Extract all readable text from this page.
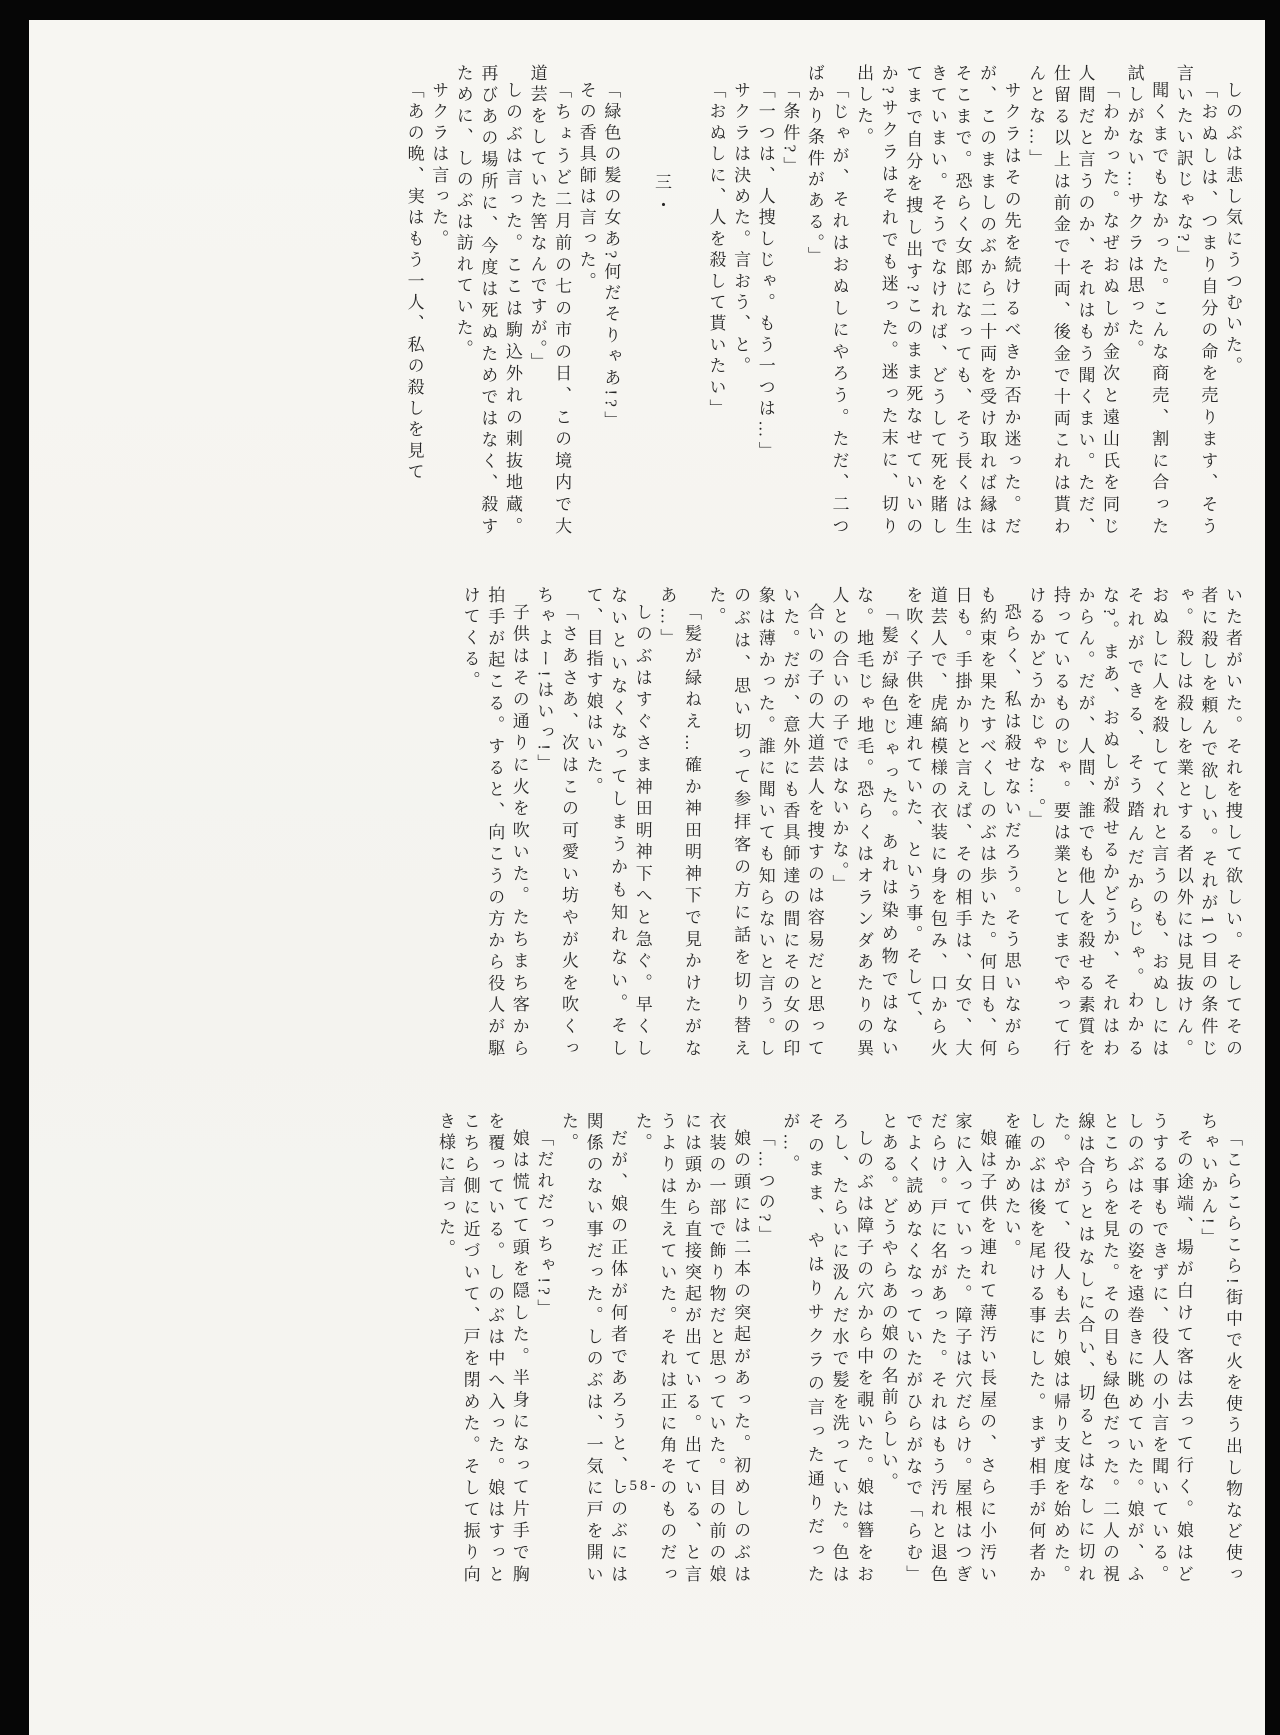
しのぶは悲し気にうつむいた。

「おぬしは、つまり自分の命を売ります、そう言いたい訳じゃな?」

聞くまでもなかった。こんな商売、割に合った試しがない…サクラは思った。

「わかった。なぜおぬしが金次と遠山氏を同じ人間だと言うのか、それはもう聞くまい。ただ、仕留る以上は前金で十両、後金で十両これは貰わんとな…」

サクラはその先を続けるべきか否か迷った。だが、このまましのぶから二十両を受け取れば縁はそこまで。恐らく女郎になっても、そう長くは生きていまい。そうでなければ、どうして死を賭してまで自分を捜し出す?このまま死なせていいのか?サクラはそれでも迷った。迷った末に、切り出した。

「じゃが、それはおぬしにやろう。ただ、二つばかり条件がある。」

「条件?」

「一つは、人捜しじゃ。もう一つは…」

サクラは決めた。言おう、と。

「おぬしに、人を殺して貰いたい」

三・

「緑色の髪の女あ?何だそりゃあ!?」

その香具師は言った。

「ちょうど二月前の七の市の日、この境内で大道芸をしていた筈なんですが。」

しのぶは言った。ここは駒込外れの刺抜地蔵。再びあの場所に、今度は死ぬためではなく、殺すために、しのぶは訪れていた。

サクラは言った。

「あの晩、実はもう一人、私の殺しを見て

いた者がいた。それを捜して欲しい。そしてその者に殺しを頼んで欲しい。それが1つ目の条件じゃ。殺しは殺しを業とする者以外には見抜けん。おぬしに人を殺してくれと言うのも、おぬしにはそれができる、そう踏んだからじゃ。わかるな?。まあ、おぬしが殺せるかどうか、それはわからん。だが、人間、誰でも他人を殺せる素質を持っているものじゃ。要は業としてまでやって行けるかどうかじゃな…。」

恐らく、私は殺せないだろう。そう思いながらも約束を果たすべくしのぶは歩いた。何日も、何日も。手掛かりと言えば、その相手は、女で、大道芸人で、虎縞模様の衣装に身を包み、口から火を吹く子供を連れていた、という事。そして、

「髪が緑色じゃった。あれは染め物ではないな。地毛じゃ地毛。恐らくはオランダあたりの異人との合いの子ではないかな。」

合いの子の大道芸人を捜すのは容易だと思っていた。だが、意外にも香具師達の間にその女の印象は薄かった。誰に聞いても知らないと言う。しのぶは、思い切って参拝客の方に話を切り替えた。

「髪が緑ねえ…確か神田明神下で見かけたがなあ…」

しのぶはすぐさま神田明神下へと急ぐ。早くしないといなくなってしまうかも知れない。そして、目指す娘はいた。

「さあさあ、次はこの可愛い坊やが火を吹くっちゃよー!はいっ!」

子供はその通りに火を吹いた。たちまち客から拍手が起こる。すると、向こうの方から役人が駆けてくる。

「こらこらこら!街中で火を使う出し物など使っちゃいかん!」

その途端、場が白けて客は去って行く。娘はどうする事もできずに、役人の小言を聞いている。しのぶはその姿を遠巻きに眺めていた。娘が、ふとこちらを見た。その目も緑色だった。二人の視線は合うとはなしに合い、切るとはなしに切れた。やがて、役人も去り娘は帰り支度を始めた。しのぶは後を尾ける事にした。まず相手が何者かを確かめたい。

娘は子供を連れて薄汚い長屋の、さらに小汚い家に入っていった。障子は穴だらけ。屋根はつぎだらけ。戸に名があった。それはもう汚れと退色でよく読めなくなっていたがひらがなで「らむ」とある。どうやらあの娘の名前らしい。

しのぶは障子の穴から中を覗いた。娘は簪をおろし、たらいに汲んだ水で髪を洗っていた。色はそのまま、やはりサクラの言った通りだったが…。

「…つの?」

娘の頭には二本の突起があった。初めしのぶは衣装の一部で飾り物だと思っていた。目の前の娘には頭から直接突起が出ている。出ている、と言うよりは生えていた。それは正に角そのものだった。

だが、娘の正体が何者であろうと、しのぶには関係のない事だった。しのぶは、一気に戸を開いた。

「だれだっちゃ!?」

娘は慌てて頭を隠した。半身になって片手で胸を覆っている。しのぶは中へ入った。娘はすっとこちら側に近づいて、戸を閉めた。そして振り向き様に言った。

-58-
